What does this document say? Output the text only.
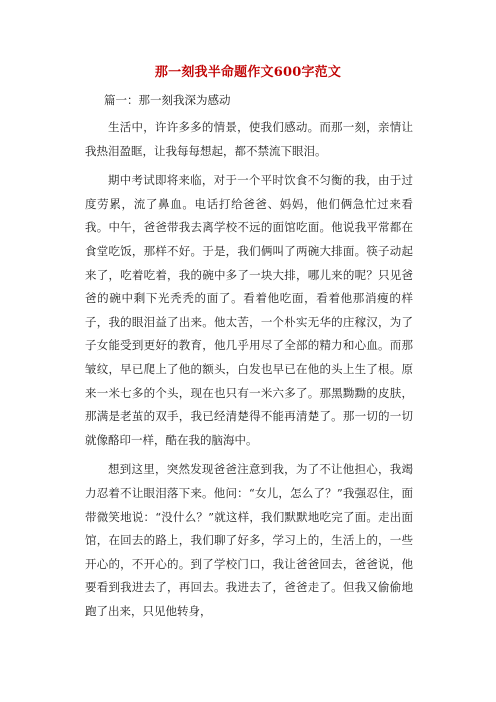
那一刻我半命题作文600字范文
篇一：那一刻我深为感动

生活中，许许多多的情景，使我们感动。而那一刻，亲情让我热泪盈眶，让我每每想起，都不禁流下眼泪。

期中考试即将来临，对于一个平时饮食不匀衡的我，由于过度劳累，流了鼻血。电话打给爸爸、妈妈，他们俩急忙过来看我。中午，爸爸带我去离学校不远的面馆吃面。他说我平常都在食堂吃饭，那样不好。于是，我们俩叫了两碗大排面。筷子动起来了，吃着吃着，我的碗中多了一块大排，哪儿来的呢？只见爸爸的碗中剩下光秃秃的面了。看着他吃面，看着他那消瘦的样子，我的眼泪益了出来。他太苦，一个朴实无华的庄稼汉，为了子女能受到更好的教育，他几乎用尽了全部的精力和心血。而那皱纹，早已爬上了他的额头，白发也早已在他的头上生了根。原来一米七多的个头，现在也只有一米六多了。那黑黝黝的皮肤，那满是老茧的双手，我已经清楚得不能再清楚了。那一切的一切就像酪印一样，酷在我的脑海中。

想到这里，突然发现爸爸注意到我，为了不让他担心，我竭力忍着不让眼泪落下来。他问：“女儿，怎么了？”我强忍住，面带微笑地说：“没什么？”就这样，我们默默地吃完了面。走出面馆，在回去的路上，我们聊了好多，学习上的，生活上的，一些开心的，不开心的。到了学校门口，我让爸爸回去，爸爸说，他要看到我进去了，再回去。我进去了，爸爸走了。但我又偷偷地跑了出来，只见他转身，
